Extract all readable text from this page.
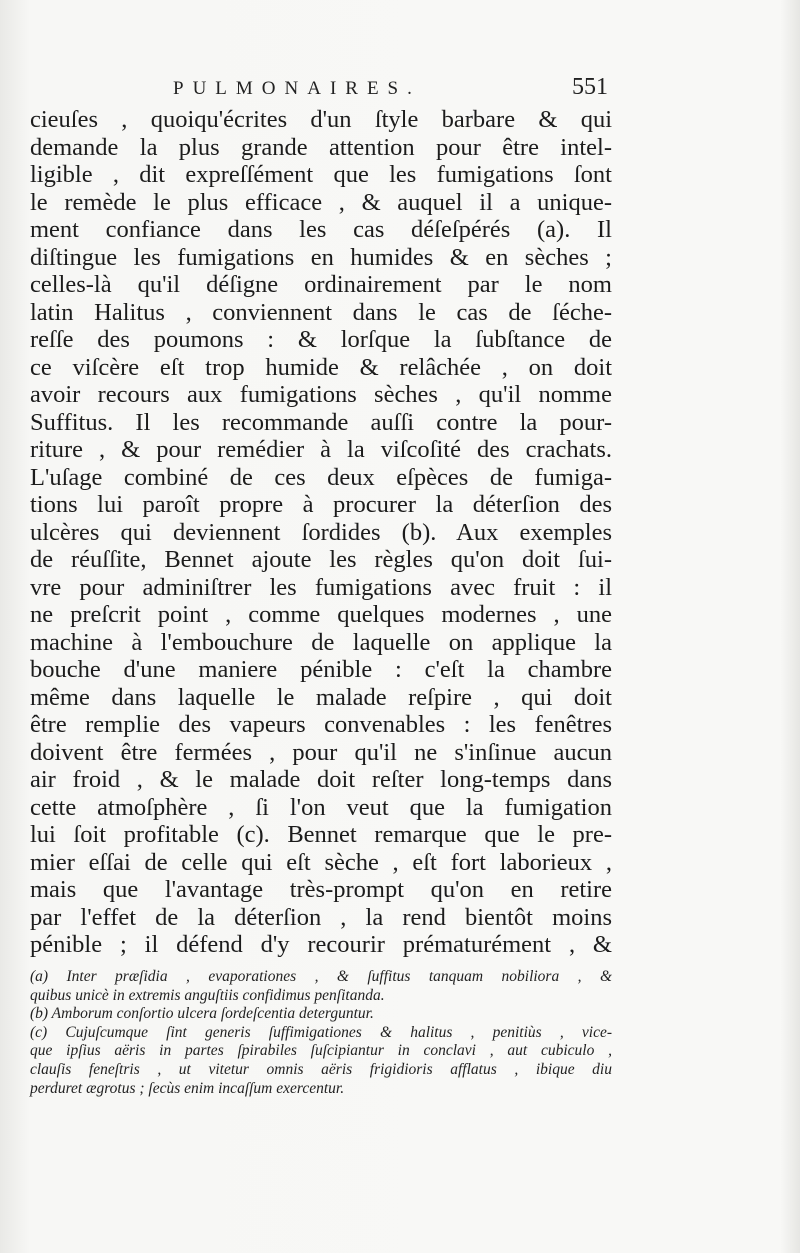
PULMONAIRES.	551
cieuſes , quoiqu'écrites d'un ſtyle barbare & qui
demande la plus grande attention pour être intel-
ligible , dit expreſſément que les fumigations ſont
le remède le plus efficace , & auquel il a unique-
ment confiance dans les cas déſeſpérés (a). Il
diſtingue les fumigations en humides & en sèches ;
celles-là qu'il déſigne ordinairement par le nom
latin Halitus , conviennent dans le cas de ſéche-
reſſe des poumons : & lorſque la ſubſtance de
ce viſcère eſt trop humide & relâchée , on doit
avoir recours aux fumigations sèches , qu'il nomme
Suffitus. Il les recommande auſſi contre la pour-
riture , & pour remédier à la viſcoſité des crachats.
L'uſage combiné de ces deux eſpèces de fumiga-
tions lui paroît propre à procurer la déterſion des
ulcères qui deviennent ſordides (b). Aux exemples
de réuſſite, Bennet ajoute les règles qu'on doit ſui-
vre pour adminiſtrer les fumigations avec fruit : il
ne preſcrit point , comme quelques modernes , une
machine à l'embouchure de laquelle on applique la
bouche d'une maniere pénible : c'eſt la chambre
même dans laquelle le malade reſpire , qui doit
être remplie des vapeurs convenables : les fenêtres
doivent être fermées , pour qu'il ne s'inſinue aucun
air froid , & le malade doit reſter long-temps dans
cette atmoſphère , ſi l'on veut que la fumigation
lui ſoit profitable (c). Bennet remarque que le pre-
mier eſſai de celle qui eſt sèche , eſt fort laborieux ,
mais que l'avantage très-prompt qu'on en retire
par l'effet de la déterſion , la rend bientôt moins
pénible ; il défend d'y recourir prématurément , &
(a) Inter præſidia , evaporationes , & ſuffitus tanquam nobiliora , &
quibus unicè in extremis anguſtiis confidimus penſitanda.
(b) Amborum conſortio ulcera ſordeſcentia deterguntur.
(c) Cujuſcumque ſint generis ſuffimigationes & halitus , penitiùs , vice-
que ipſius aëris in partes ſpirabiles ſuſcipiantur in conclavi , aut cubiculo ,
clauſis feneſtris , ut vitetur omnis aëris frigidioris afflatus , ibique diu
perduret ægrotus ; ſecùs enim incaſſum exercentur.
